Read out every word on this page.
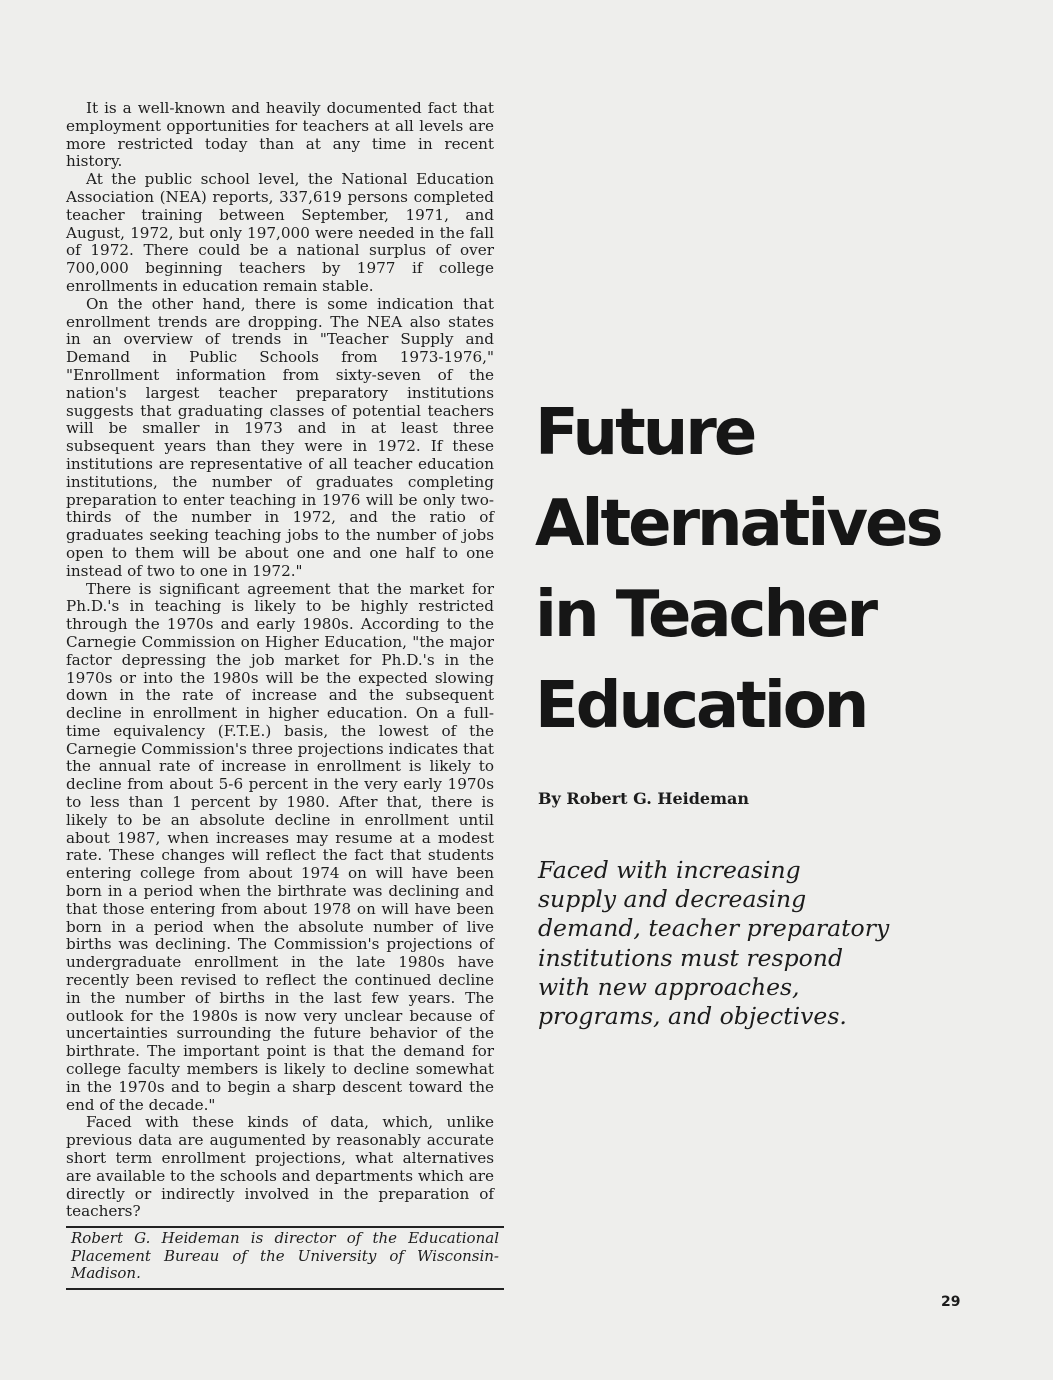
It is a well-known and heavily documented fact that employment opportunities for teachers at all levels are more restricted today than at any time in recent history.

At the public school level, the National Education Association (NEA) reports, 337,619 persons completed teacher training between September, 1971, and August, 1972, but only 197,000 were needed in the fall of 1972. There could be a national surplus of over 700,000 beginning teachers by 1977 if college enrollments in education remain stable.

On the other hand, there is some indication that enrollment trends are dropping. The NEA also states in an overview of trends in "Teacher Supply and Demand in Public Schools from 1973-1976," "Enrollment information from sixty-seven of the nation's largest teacher preparatory institutions suggests that graduating classes of potential teachers will be smaller in 1973 and in at least three subsequent years than they were in 1972. If these institutions are representative of all teacher education institutions, the number of graduates completing preparation to enter teaching in 1976 will be only two-thirds of the number in 1972, and the ratio of graduates seeking teaching jobs to the number of jobs open to them will be about one and one half to one instead of two to one in 1972."

There is significant agreement that the market for Ph.D.'s in teaching is likely to be highly restricted through the 1970s and early 1980s. According to the Carnegie Commission on Higher Education, "the major factor depressing the job market for Ph.D.'s in the 1970s or into the 1980s will be the expected slowing down in the rate of increase and the subsequent decline in enrollment in higher education. On a full-time equivalency (F.T.E.) basis, the lowest of the Carnegie Commission's three projections indicates that the annual rate of increase in enrollment is likely to decline from about 5-6 percent in the very early 1970s to less than 1 percent by 1980. After that, there is likely to be an absolute decline in enrollment until about 1987, when increases may resume at a modest rate. These changes will reflect the fact that students entering college from about 1974 on will have been born in a period when the birthrate was declining and that those entering from about 1978 on will have been born in a period when the absolute number of live births was declining. The Commission's projections of undergraduate enrollment in the late 1980s have recently been revised to reflect the continued decline in the number of births in the last few years. The outlook for the 1980s is now very unclear because of uncertainties surrounding the future behavior of the birthrate. The important point is that the demand for college faculty members is likely to decline somewhat in the 1970s and to begin a sharp descent toward the end of the decade."

Faced with these kinds of data, which, unlike previous data are augumented by reasonably accurate short term enrollment projections, what alternatives are available to the schools and departments which are directly or indirectly involved in the preparation of teachers?

Robert G. Heideman is director of the Educational Placement Bureau of the University of Wisconsin-Madison.
Future
Alternatives
in Teacher
Education
By Robert G. Heideman
Faced with increasing
supply and decreasing
demand, teacher preparatory
institutions must respond
with new approaches,
programs, and objectives.
29
